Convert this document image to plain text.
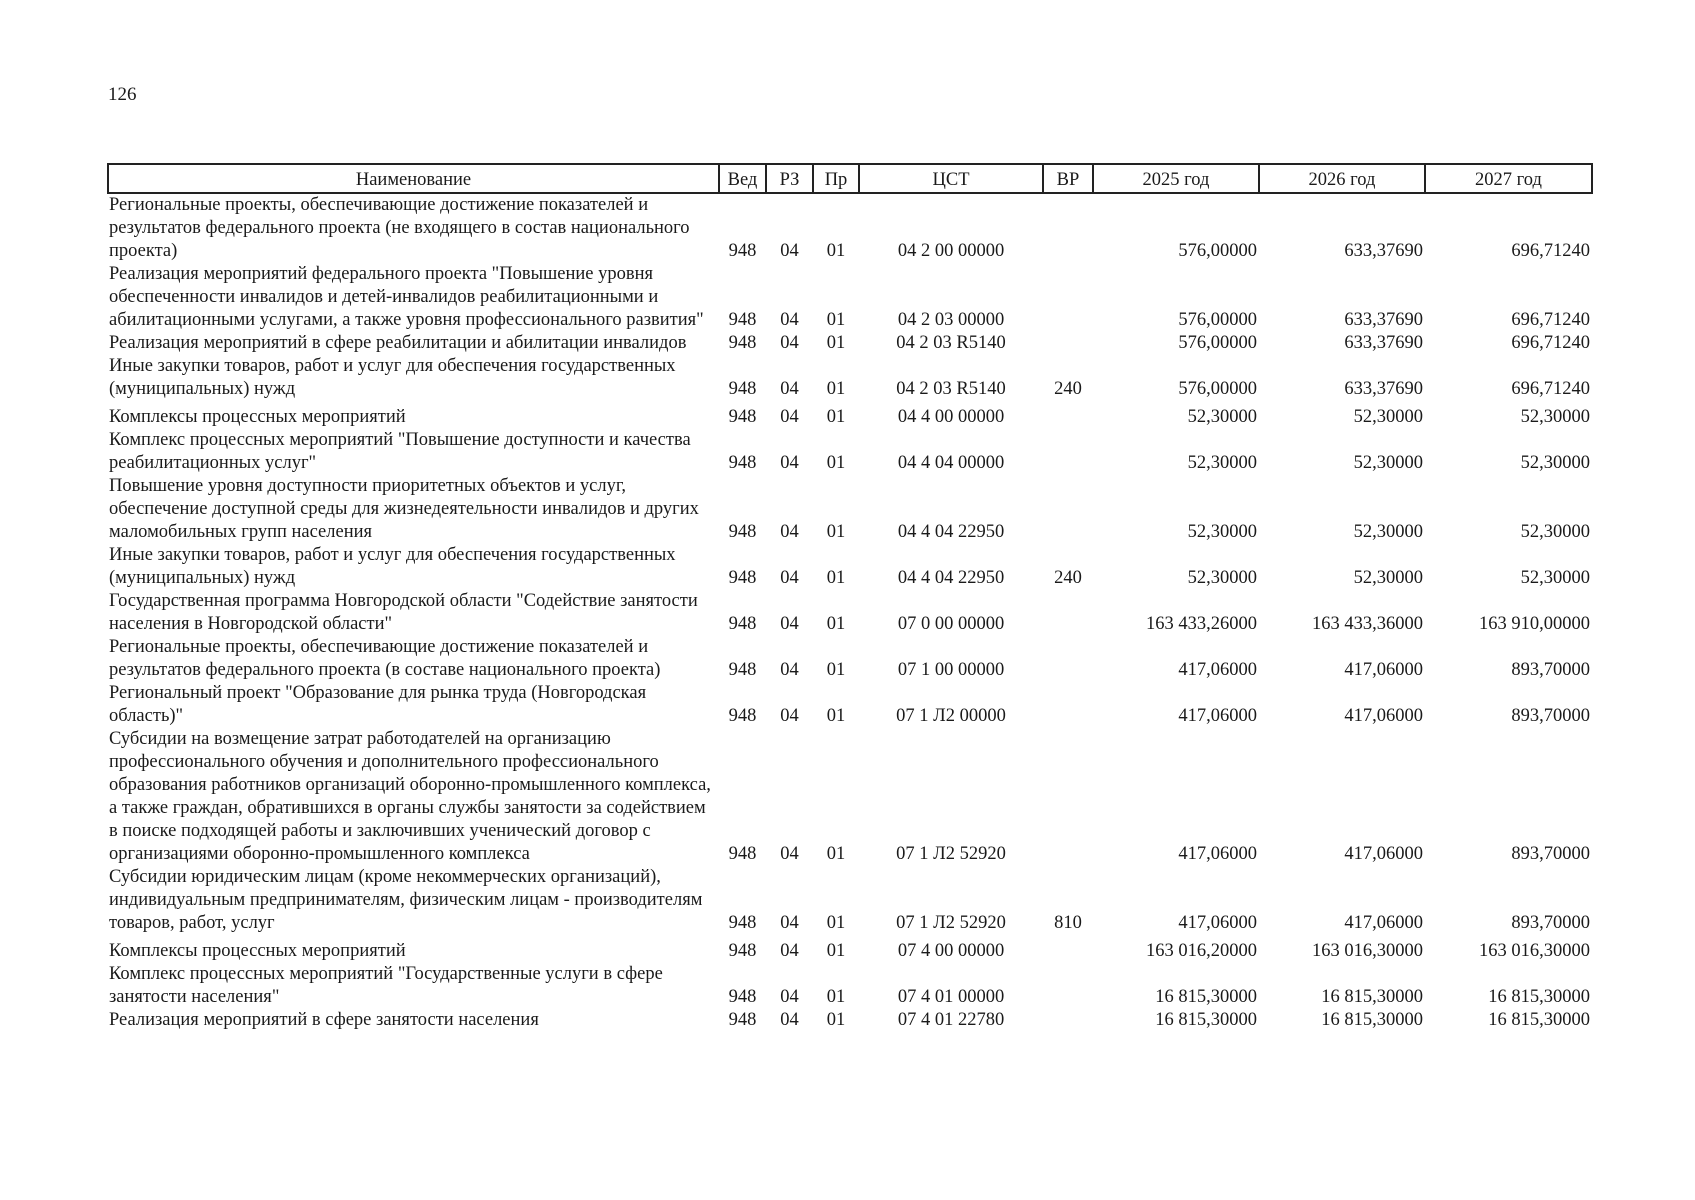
126
Наименование	Вед	РЗ	Пр	ЦСТ	ВР	2025 год	2026 год	2027 год
Региональные проекты, обеспечивающие достижение показателей и результатов федерального проекта (не входящего в состав национального проекта)	948	04	01	04 2 00 00000		576,00000	633,37690	696,71240
Реализация мероприятий федерального проекта "Повышение уровня обеспеченности инвалидов и детей-инвалидов реабилитационными и абилитационными услугами, а также уровня профессионального развития"	948	04	01	04 2 03 00000		576,00000	633,37690	696,71240
Реализация мероприятий в сфере реабилитации и абилитации инвалидов	948	04	01	04 2 03 R5140		576,00000	633,37690	696,71240
Иные закупки товаров, работ и услуг для обеспечения государственных (муниципальных) нужд	948	04	01	04 2 03 R5140	240	576,00000	633,37690	696,71240
Комплексы процессных мероприятий	948	04	01	04 4 00 00000		52,30000	52,30000	52,30000
Комплекс процессных мероприятий "Повышение доступности и качества реабилитационных услуг"	948	04	01	04 4 04 00000		52,30000	52,30000	52,30000
Повышение уровня доступности приоритетных объектов и услуг, обеспечение доступной среды для жизнедеятельности инвалидов и других маломобильных групп населения	948	04	01	04 4 04 22950		52,30000	52,30000	52,30000
Иные закупки товаров, работ и услуг для обеспечения государственных (муниципальных) нужд	948	04	01	04 4 04 22950	240	52,30000	52,30000	52,30000
Государственная программа Новгородской области "Содействие занятости населения в Новгородской области"	948	04	01	07 0 00 00000		163 433,26000	163 433,36000	163 910,00000
Региональные проекты, обеспечивающие достижение показателей и результатов федерального проекта (в составе национального проекта)	948	04	01	07 1 00 00000		417,06000	417,06000	893,70000
Региональный проект "Образование для рынка труда (Новгородская область)"	948	04	01	07 1 Л2 00000		417,06000	417,06000	893,70000
Субсидии на возмещение затрат работодателей на организацию профессионального обучения и дополнительного профессионального образования работников организаций оборонно-промышленного комплекса, а также граждан, обратившихся в органы службы занятости за содействием в поиске подходящей работы и заключивших ученический договор с организациями оборонно-промышленного комплекса	948	04	01	07 1 Л2 52920		417,06000	417,06000	893,70000
Субсидии юридическим лицам (кроме некоммерческих организаций), индивидуальным предпринимателям, физическим лицам - производителям товаров, работ, услуг	948	04	01	07 1 Л2 52920	810	417,06000	417,06000	893,70000
Комплексы процессных мероприятий	948	04	01	07 4 00 00000		163 016,20000	163 016,30000	163 016,30000
Комплекс процессных мероприятий "Государственные услуги в сфере занятости населения"	948	04	01	07 4 01 00000		16 815,30000	16 815,30000	16 815,30000
Реализация мероприятий в сфере занятости населения	948	04	01	07 4 01 22780		16 815,30000	16 815,30000	16 815,30000
